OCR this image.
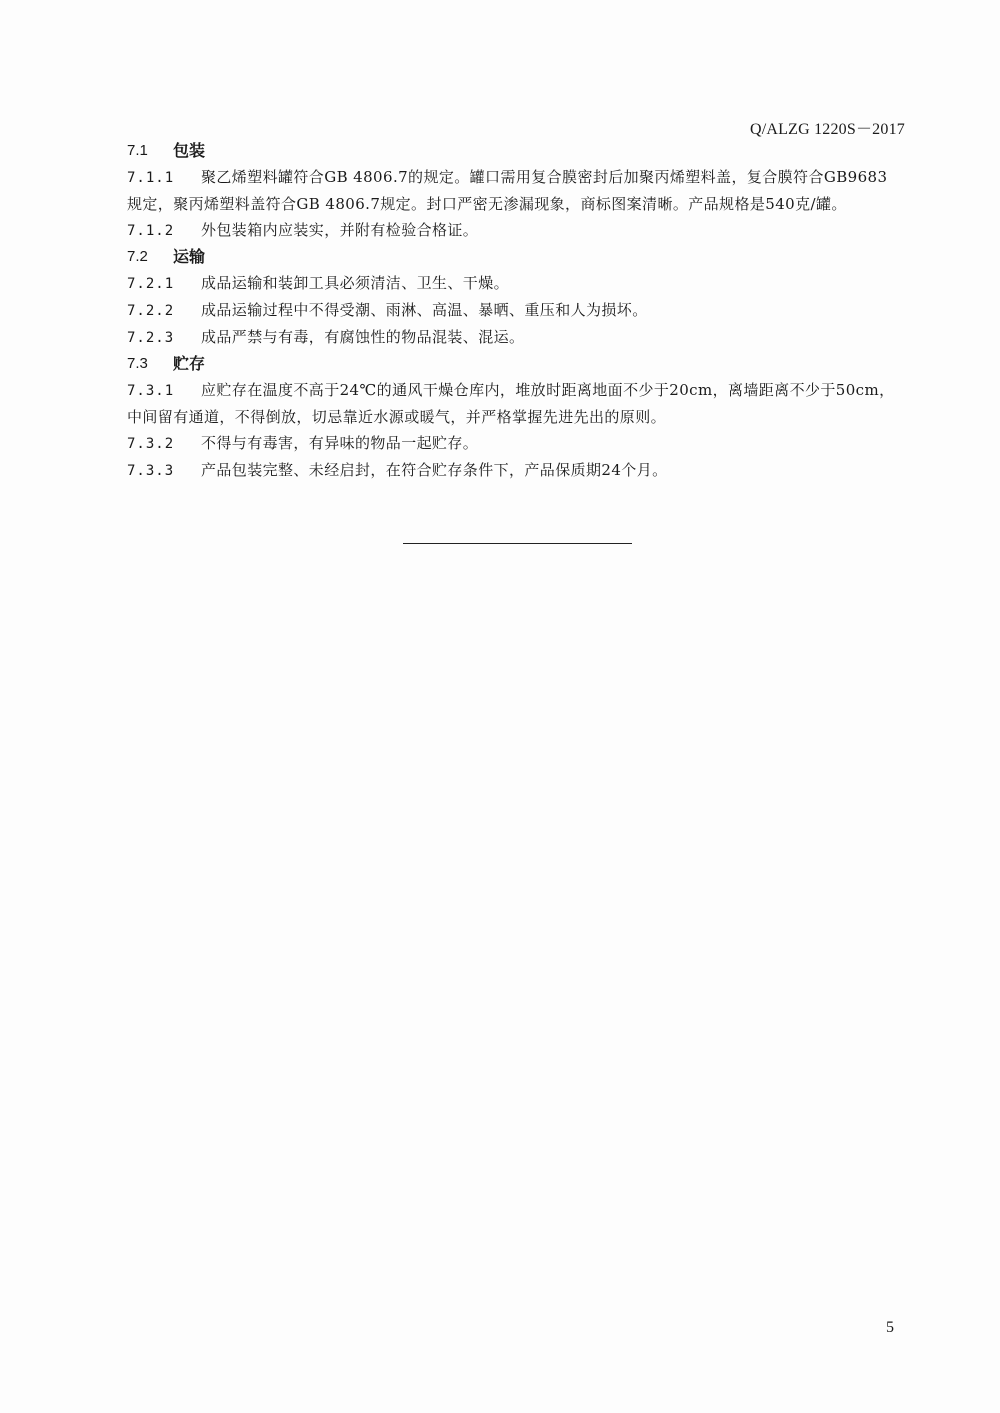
Q/ALZG 1220S－2017
7.1	包装
7.1.1 聚乙烯塑料罐符合GB 4806.7的规定。罐口需用复合膜密封后加聚丙烯塑料盖，复合膜符合GB9683规定，聚丙烯塑料盖符合GB 4806.7规定。封口严密无渗漏现象，商标图案清晰。产品规格是540克/罐。
7.1.2 外包装箱内应装实，并附有检验合格证。
7.2	运输
7.2.1 成品运输和装卸工具必须清洁、卫生、干燥。
7.2.2 成品运输过程中不得受潮、雨淋、高温、暴晒、重压和人为损坏。
7.2.3 成品严禁与有毒，有腐蚀性的物品混装、混运。
7.3	贮存
7.3.1 应贮存在温度不高于24℃的通风干燥仓库内，堆放时距离地面不少于20cm，离墙距离不少于50cm，中间留有通道，不得倒放，切忌靠近水源或暖气，并严格掌握先进先出的原则。
7.3.2 不得与有毒害，有异味的物品一起贮存。
7.3.3 产品包装完整、未经启封，在符合贮存条件下，产品保质期24个月。
5
